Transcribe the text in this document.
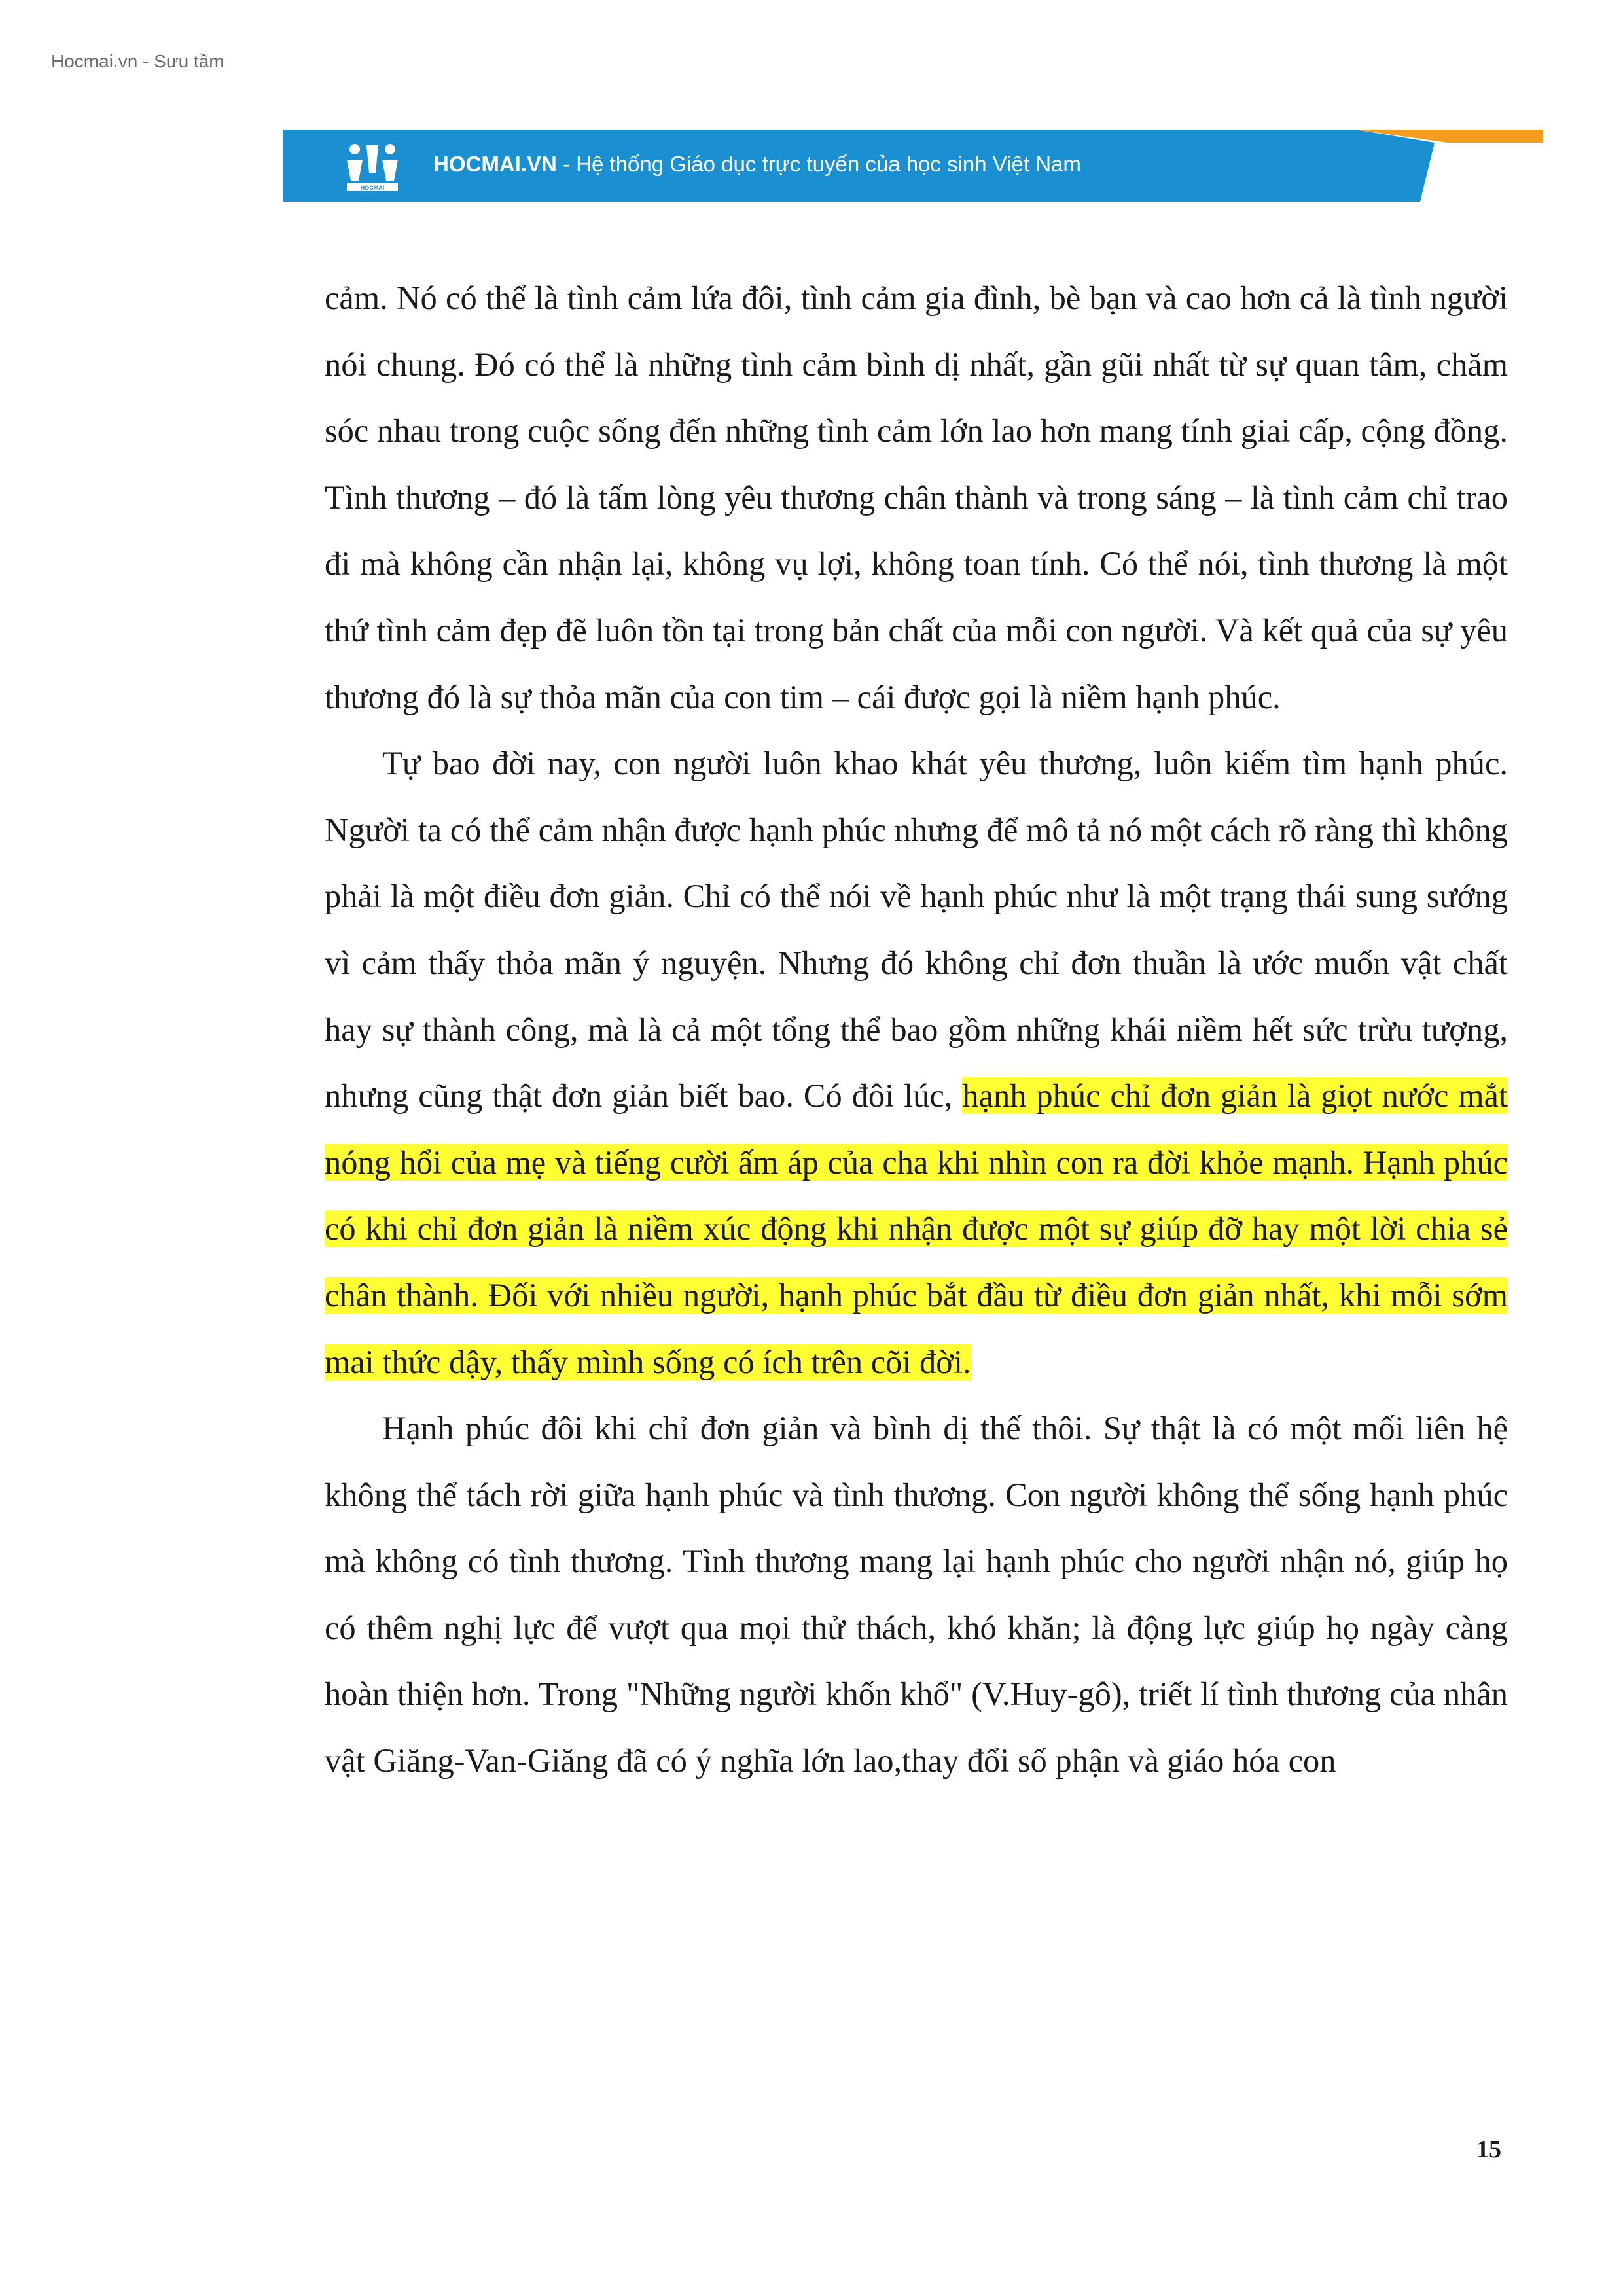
Hocmai.vn - Sưu tầm
HOCMAI
HOCMAI.VN - Hệ thống Giáo dục trực tuyến của học sinh Việt Nam

cảm. Nó có thể là tình cảm lứa đôi, tình cảm gia đình, bè bạn và cao hơn cả là tình người nói chung. Đó có thể là những tình cảm bình dị nhất, gần gũi nhất từ sự quan tâm, chăm sóc nhau trong cuộc sống đến những tình cảm lớn lao hơn mang tính giai cấp, cộng đồng. Tình thương – đó là tấm lòng yêu thương chân thành và trong sáng – là tình cảm chỉ trao đi mà không cần nhận lại, không vụ lợi, không toan tính. Có thể nói, tình thương là một thứ tình cảm đẹp đẽ luôn tồn tại trong bản chất của mỗi con người. Và kết quả của sự yêu thương đó là sự thỏa mãn của con tim – cái được gọi là niềm hạnh phúc.

Tự bao đời nay, con người luôn khao khát yêu thương, luôn kiếm tìm hạnh phúc. Người ta có thể cảm nhận được hạnh phúc nhưng để mô tả nó một cách rõ ràng thì không phải là một điều đơn giản. Chỉ có thể nói về hạnh phúc như là một trạng thái sung sướng vì cảm thấy thỏa mãn ý nguyện. Nhưng đó không chỉ đơn thuần là ước muốn vật chất hay sự thành công, mà là cả một tổng thể bao gồm những khái niềm hết sức trừu tượng, nhưng cũng thật đơn giản biết bao. Có đôi lúc, hạnh phúc chỉ đơn giản là giọt nước mắt nóng hổi của mẹ và tiếng cười ấm áp của cha khi nhìn con ra đời khỏe mạnh. Hạnh phúc có khi chỉ đơn giản là niềm xúc động khi nhận được một sự giúp đỡ hay một lời chia sẻ chân thành. Đối với nhiều người, hạnh phúc bắt đầu từ điều đơn giản nhất, khi mỗi sớm mai thức dậy, thấy mình sống có ích trên cõi đời.

Hạnh phúc đôi khi chỉ đơn giản và bình dị thế thôi. Sự thật là có một mối liên hệ không thể tách rời giữa hạnh phúc và tình thương. Con người không thể sống hạnh phúc mà không có tình thương. Tình thương mang lại hạnh phúc cho người nhận nó, giúp họ có thêm nghị lực để vượt qua mọi thử thách, khó khăn; là động lực giúp họ ngày càng hoàn thiện hơn. Trong "Những người khốn khổ" (V.Huy-gô), triết lí tình thương của nhân vật Giăng-Van-Giăng đã có ý nghĩa lớn lao,thay đổi số phận và giáo hóa con

15
